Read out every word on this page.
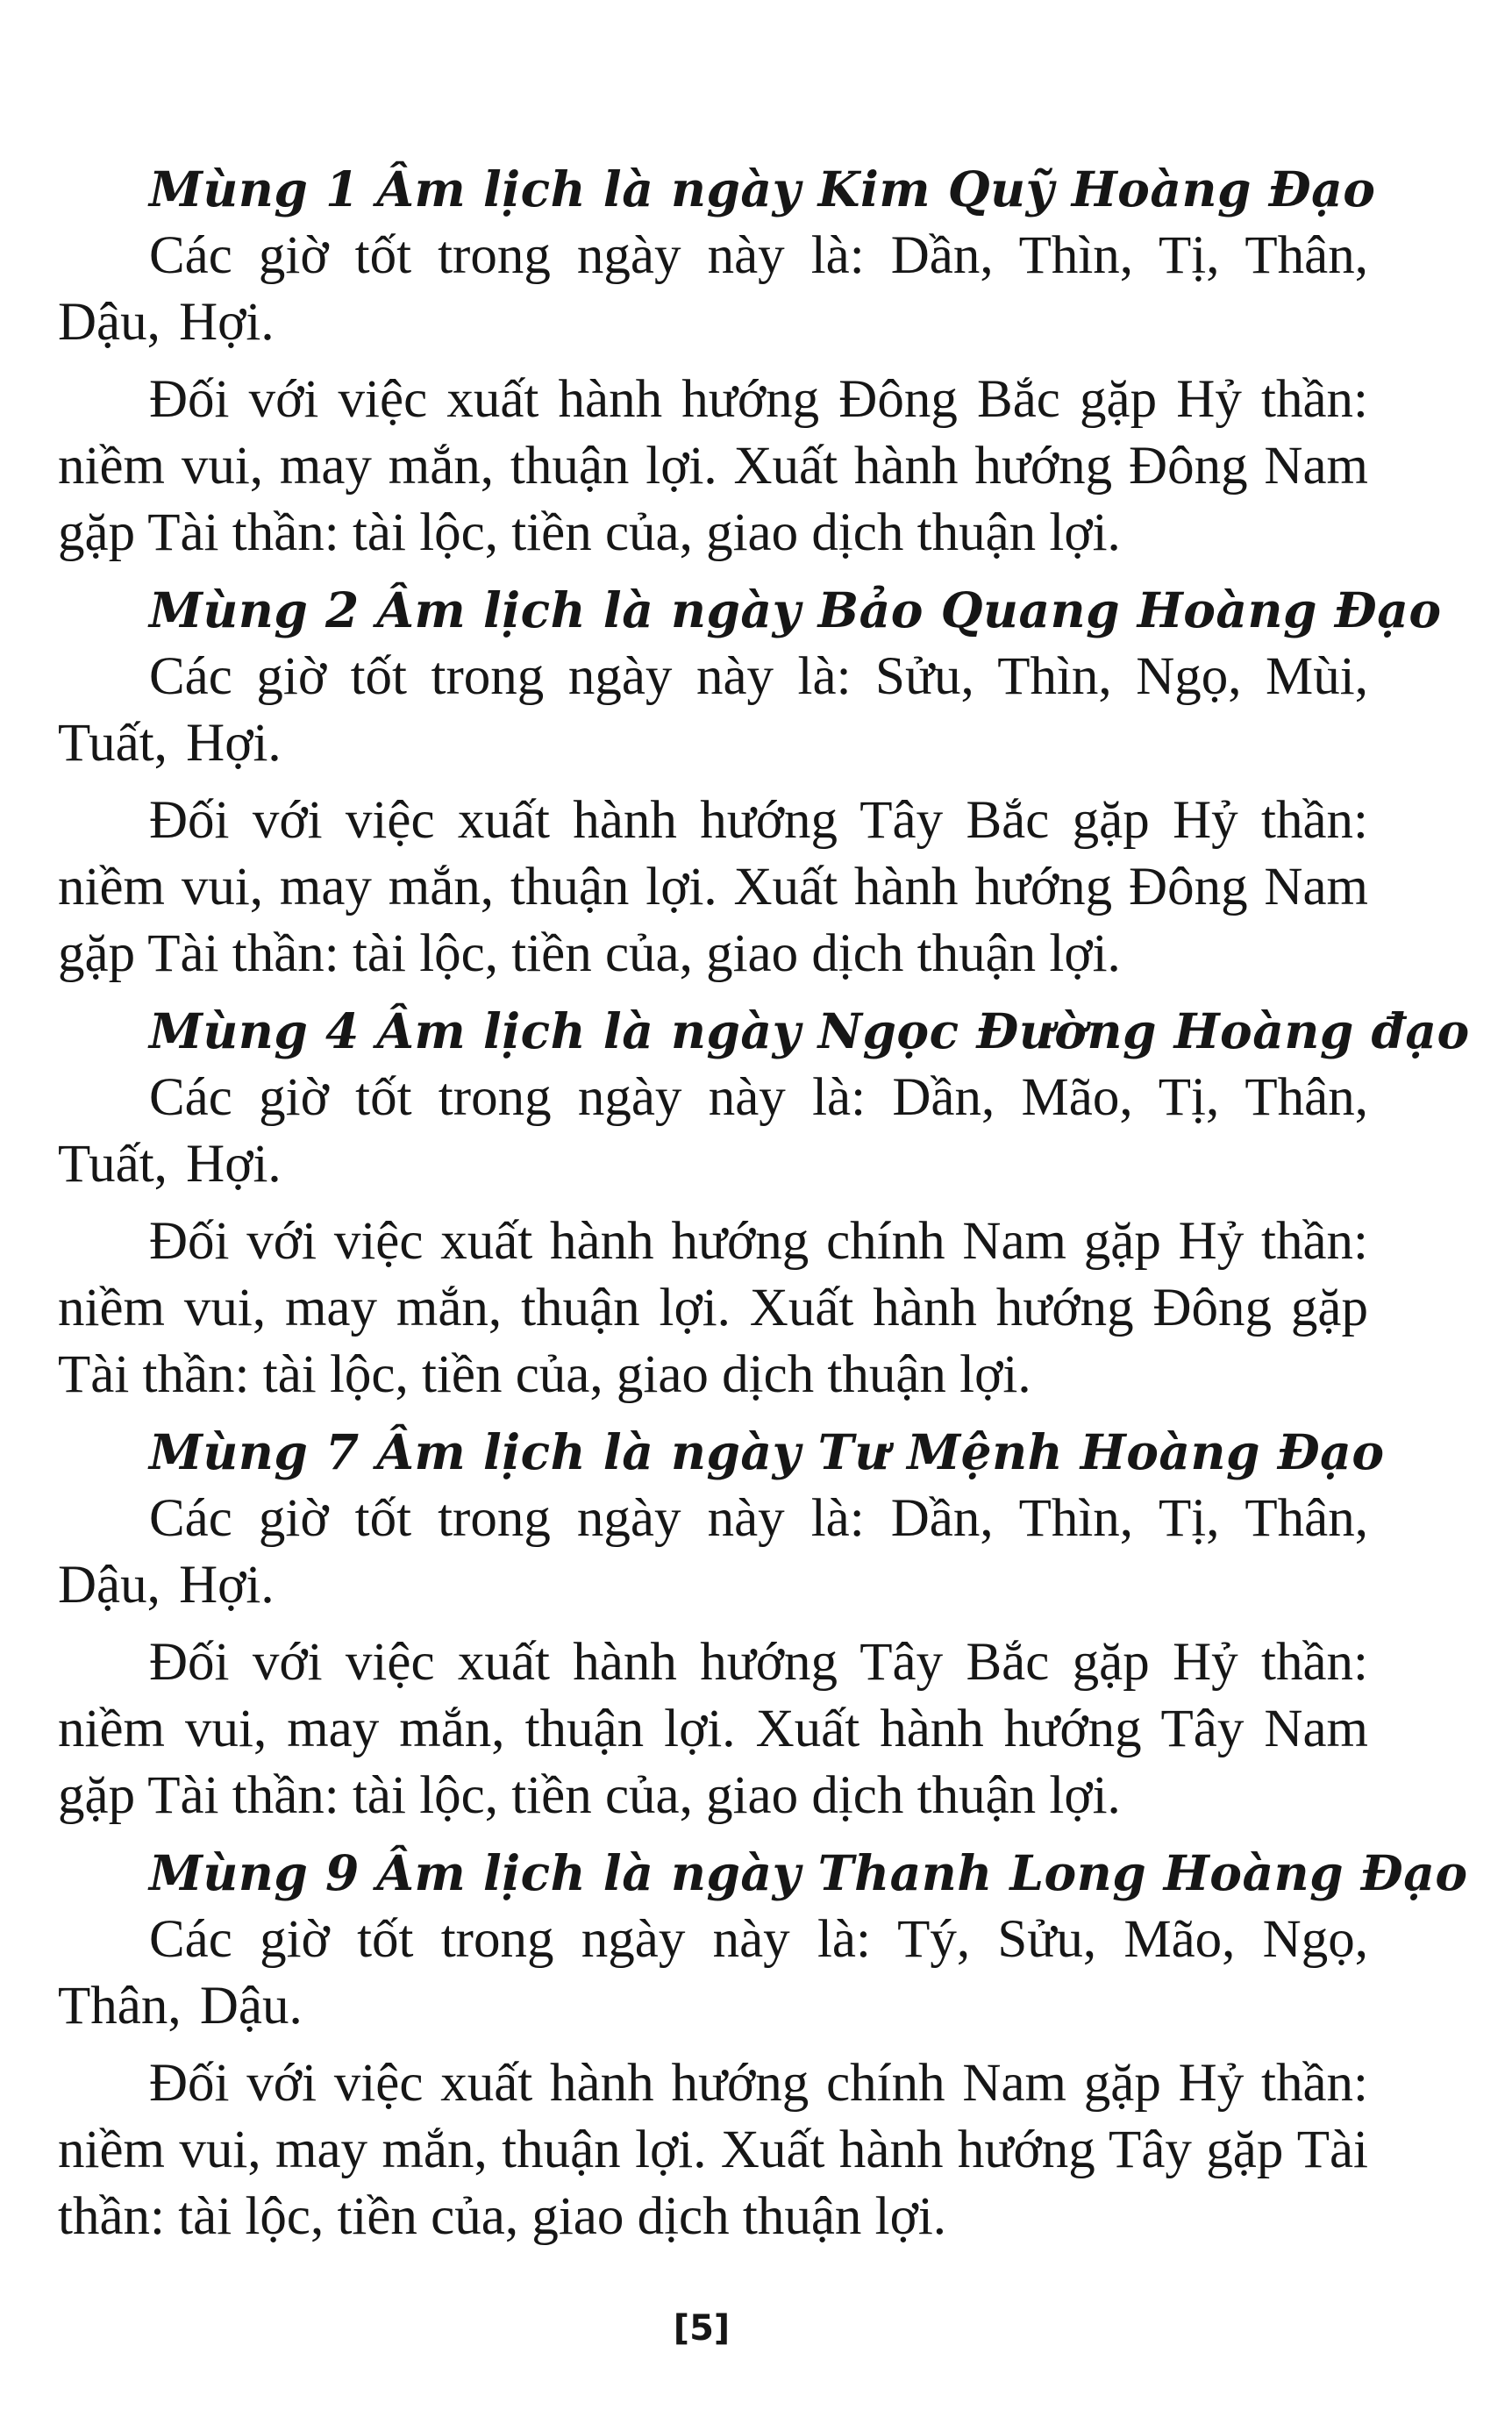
Mùng 1 Âm lịch là ngày Kim Quỹ Hoàng Đạo

Các giờ tốt trong ngày này là: Dần, Thìn, Tị, Thân, Dậu, Hợi.

Đối với việc xuất hành hướng Đông Bắc gặp Hỷ thần: niềm vui, may mắn, thuận lợi. Xuất hành hướng Đông Nam gặp Tài thần: tài lộc, tiền của, giao dịch thuận lợi.

Mùng 2 Âm lịch là ngày Bảo Quang Hoàng Đạo

Các giờ tốt trong ngày này là: Sửu, Thìn, Ngọ, Mùi, Tuất, Hợi.

Đối với việc xuất hành hướng Tây Bắc gặp Hỷ thần: niềm vui, may mắn, thuận lợi. Xuất hành hướng Đông Nam gặp Tài thần: tài lộc, tiền của, giao dịch thuận lợi.

Mùng 4 Âm lịch là ngày Ngọc Đường Hoàng đạo

Các giờ tốt trong ngày này là: Dần, Mão, Tị, Thân, Tuất, Hợi.

Đối với việc xuất hành hướng chính Nam gặp Hỷ thần: niềm vui, may mắn, thuận lợi. Xuất hành hướng Đông gặp Tài thần: tài lộc, tiền của, giao dịch thuận lợi.

Mùng 7 Âm lịch là ngày Tư Mệnh Hoàng Đạo

Các giờ tốt trong ngày này là: Dần, Thìn, Tị, Thân, Dậu, Hợi.

Đối với việc xuất hành hướng Tây Bắc gặp Hỷ thần: niềm vui, may mắn, thuận lợi. Xuất hành hướng Tây Nam gặp Tài thần: tài lộc, tiền của, giao dịch thuận lợi.

Mùng 9 Âm lịch là ngày Thanh Long Hoàng Đạo

Các giờ tốt trong ngày này là: Tý, Sửu, Mão, Ngọ, Thân, Dậu.

Đối với việc xuất hành hướng chính Nam gặp Hỷ thần: niềm vui, may mắn, thuận lợi. Xuất hành hướng Tây gặp Tài thần: tài lộc, tiền của, giao dịch thuận lợi.

[5]
